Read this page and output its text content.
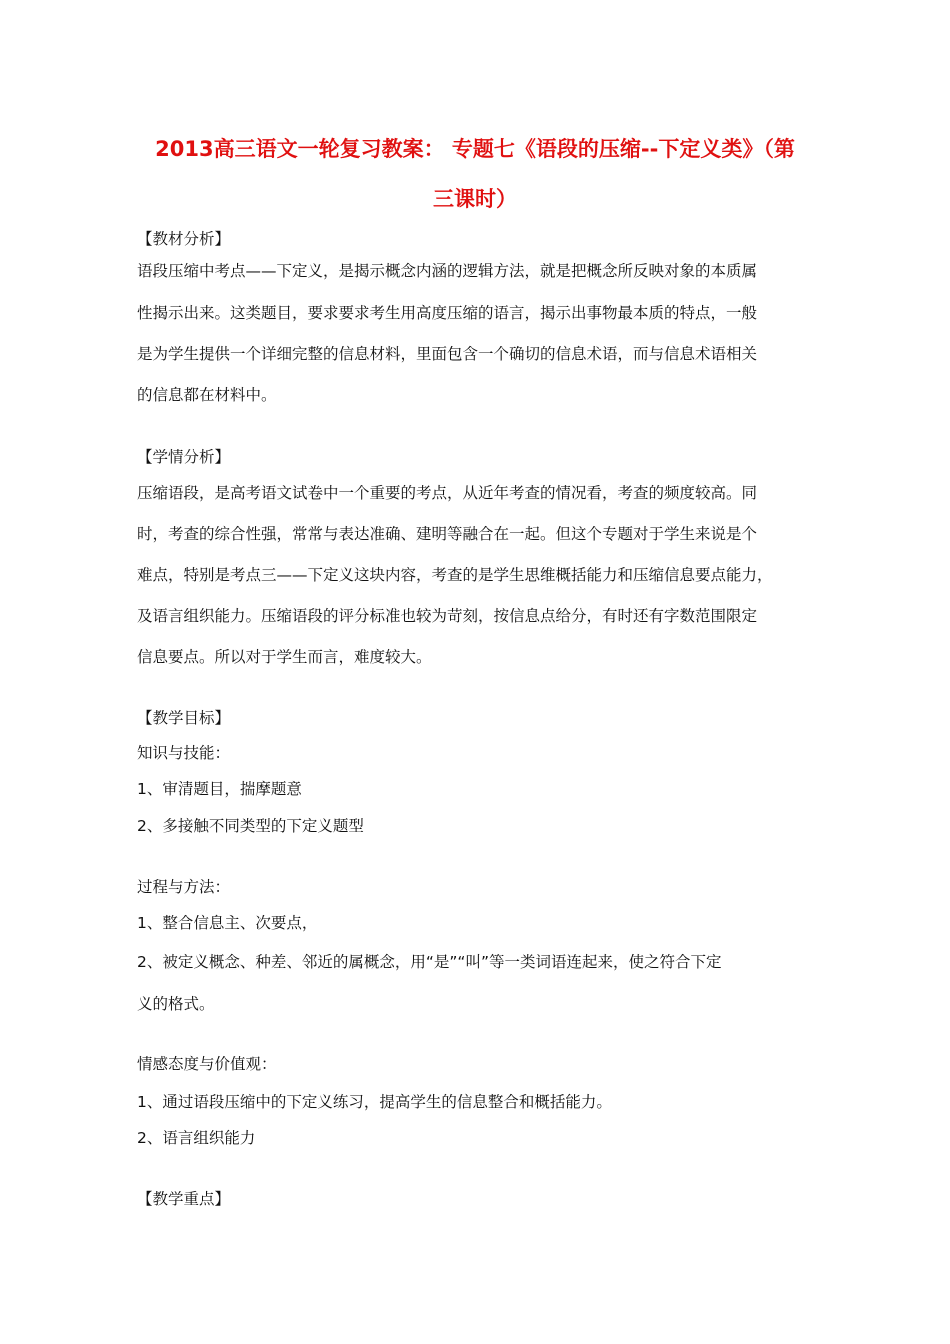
2013高三语文一轮复习教案： 专题七《语段的压缩--下定义类》（第
三课时）
【教材分析】
语段压缩中考点——下定义，是揭示概念内涵的逻辑方法，就是把概念所反映对象的本质属
性揭示出来。这类题目，要求要求考生用高度压缩的语言，揭示出事物最本质的特点，一般
是为学生提供一个详细完整的信息材料，里面包含一个确切的信息术语，而与信息术语相关
的信息都在材料中。
【学情分析】
压缩语段，是高考语文试卷中一个重要的考点，从近年考查的情况看，考查的频度较高。同
时，考查的综合性强，常常与表达准确、建明等融合在一起。但这个专题对于学生来说是个
难点，特别是考点三——下定义这块内容，考查的是学生思维概括能力和压缩信息要点能力，
及语言组织能力。压缩语段的评分标准也较为苛刻，按信息点给分，有时还有字数范围限定
信息要点。所以对于学生而言，难度较大。
【教学目标】
知识与技能：
1、审清题目，揣摩题意
2、多接触不同类型的下定义题型
过程与方法：
1、整合信息主、次要点，
2、被定义概念、种差、邻近的属概念，用“是”“叫”等一类词语连起来，使之符合下定
义的格式。
情感态度与价值观：
1、通过语段压缩中的下定义练习，提高学生的信息整合和概括能力。
2、语言组织能力
【教学重点】
